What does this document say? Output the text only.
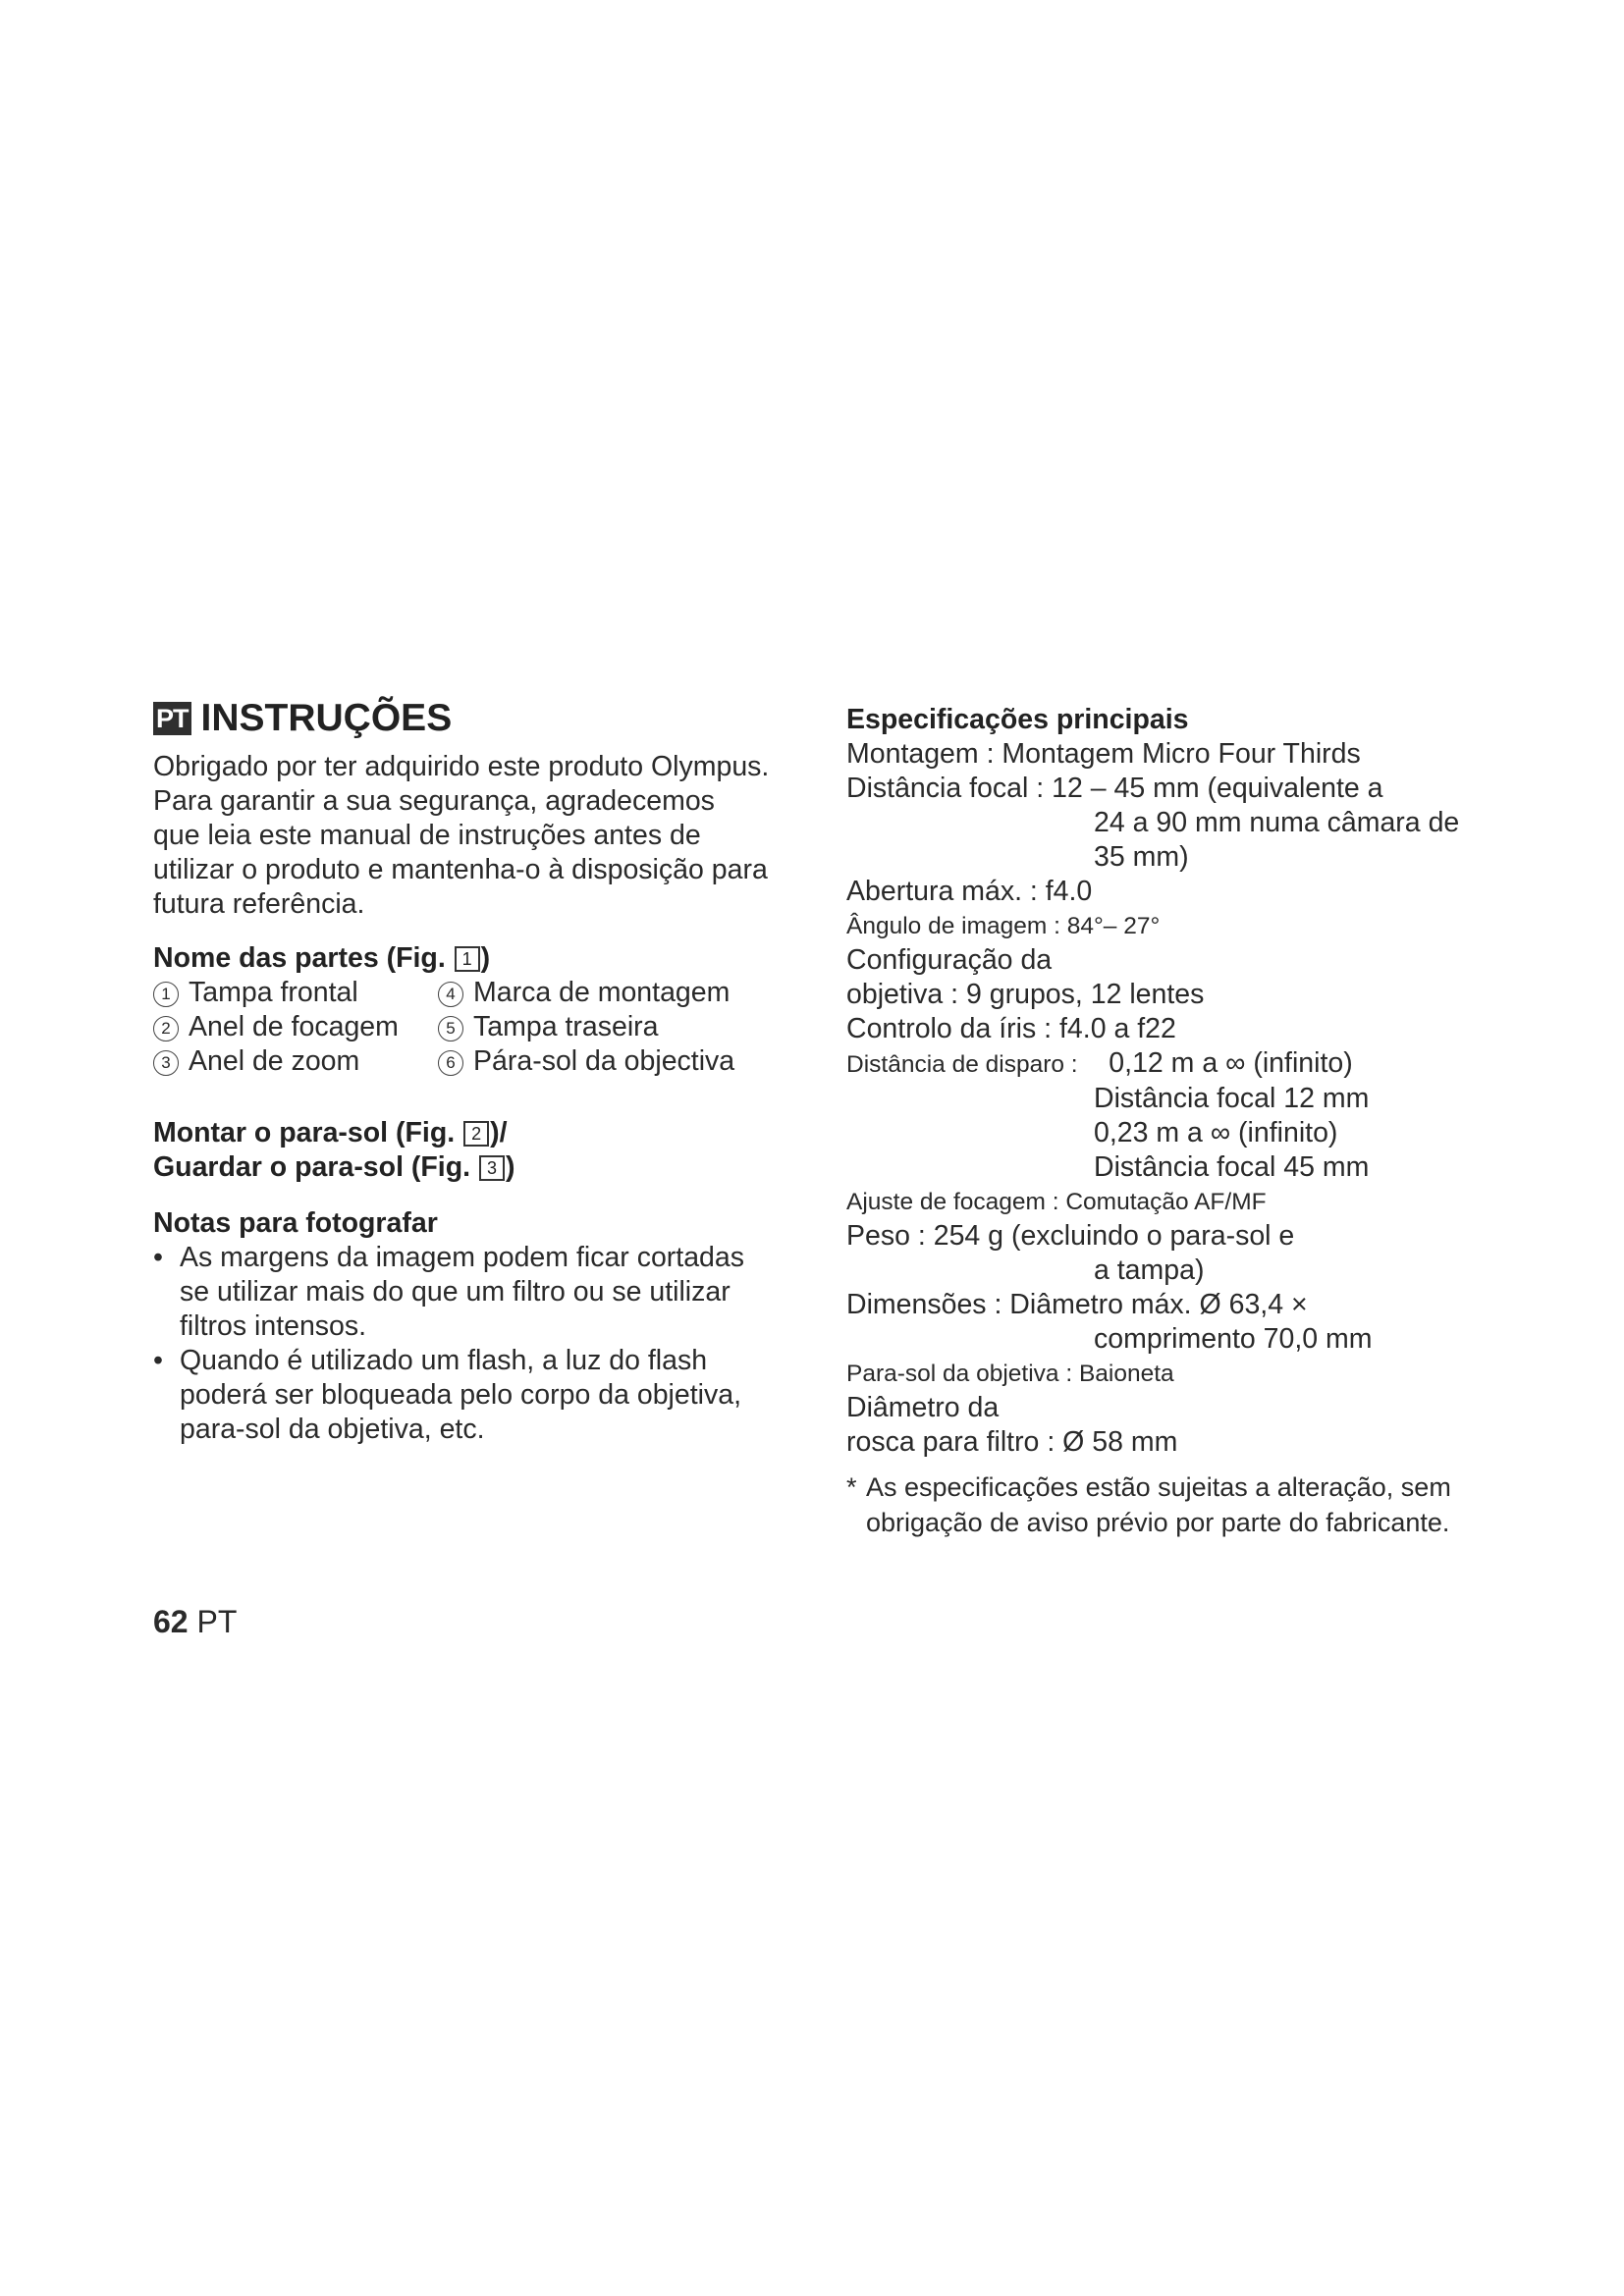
PT INSTRUÇÕES

Obrigado por ter adquirido este produto Olympus.

Para garantir a sua segurança, agradecemos

que leia este manual de instruções antes de

utilizar o produto e mantenha-o à disposição para

futura referência.

Nome das partes (Fig. 1 )

1 Tampa frontal	4 Marca de montagem
2 Anel de focagem	5 Tampa traseira
3 Anel de zoom	6 Pára-sol da objectiva

Montar o para-sol (Fig. 2 )/

Guardar o para-sol (Fig. 3 )

Notas para fotografar

• As margens da imagem podem ficar cortadas
se utilizar mais do que um filtro ou se utilizar
filtros intensos.
• Quando é utilizado um flash, a luz do flash
poderá ser bloqueada pelo corpo da objetiva,
para-sol da objetiva, etc.

Especificações principais

Montagem : Montagem Micro Four Thirds
Distância focal : 12 – 45 mm (equivalente a
24 a 90 mm numa câmara de
35 mm)
Abertura máx. : f4.0
Ângulo de imagem : 84°– 27°
Configuração da
objetiva : 9 grupos, 12 lentes
Controlo da íris : f4.0 a f22
Distância de disparo : 0,12 m a ∞ (infinito)
Distância focal 12 mm
0,23 m a ∞ (infinito)
Distância focal 45 mm
Ajuste de focagem : Comutação AF/MF
Peso : 254 g (excluindo o para-sol e
a tampa)
Dimensões : Diâmetro máx. Ø 63,4 ×
comprimento 70,0 mm
Para-sol da objetiva : Baioneta
Diâmetro da
rosca para filtro : Ø 58 mm
* As especificações estão sujeitas a alteração, sem
obrigação de aviso prévio por parte do fabricante.
62 PT
